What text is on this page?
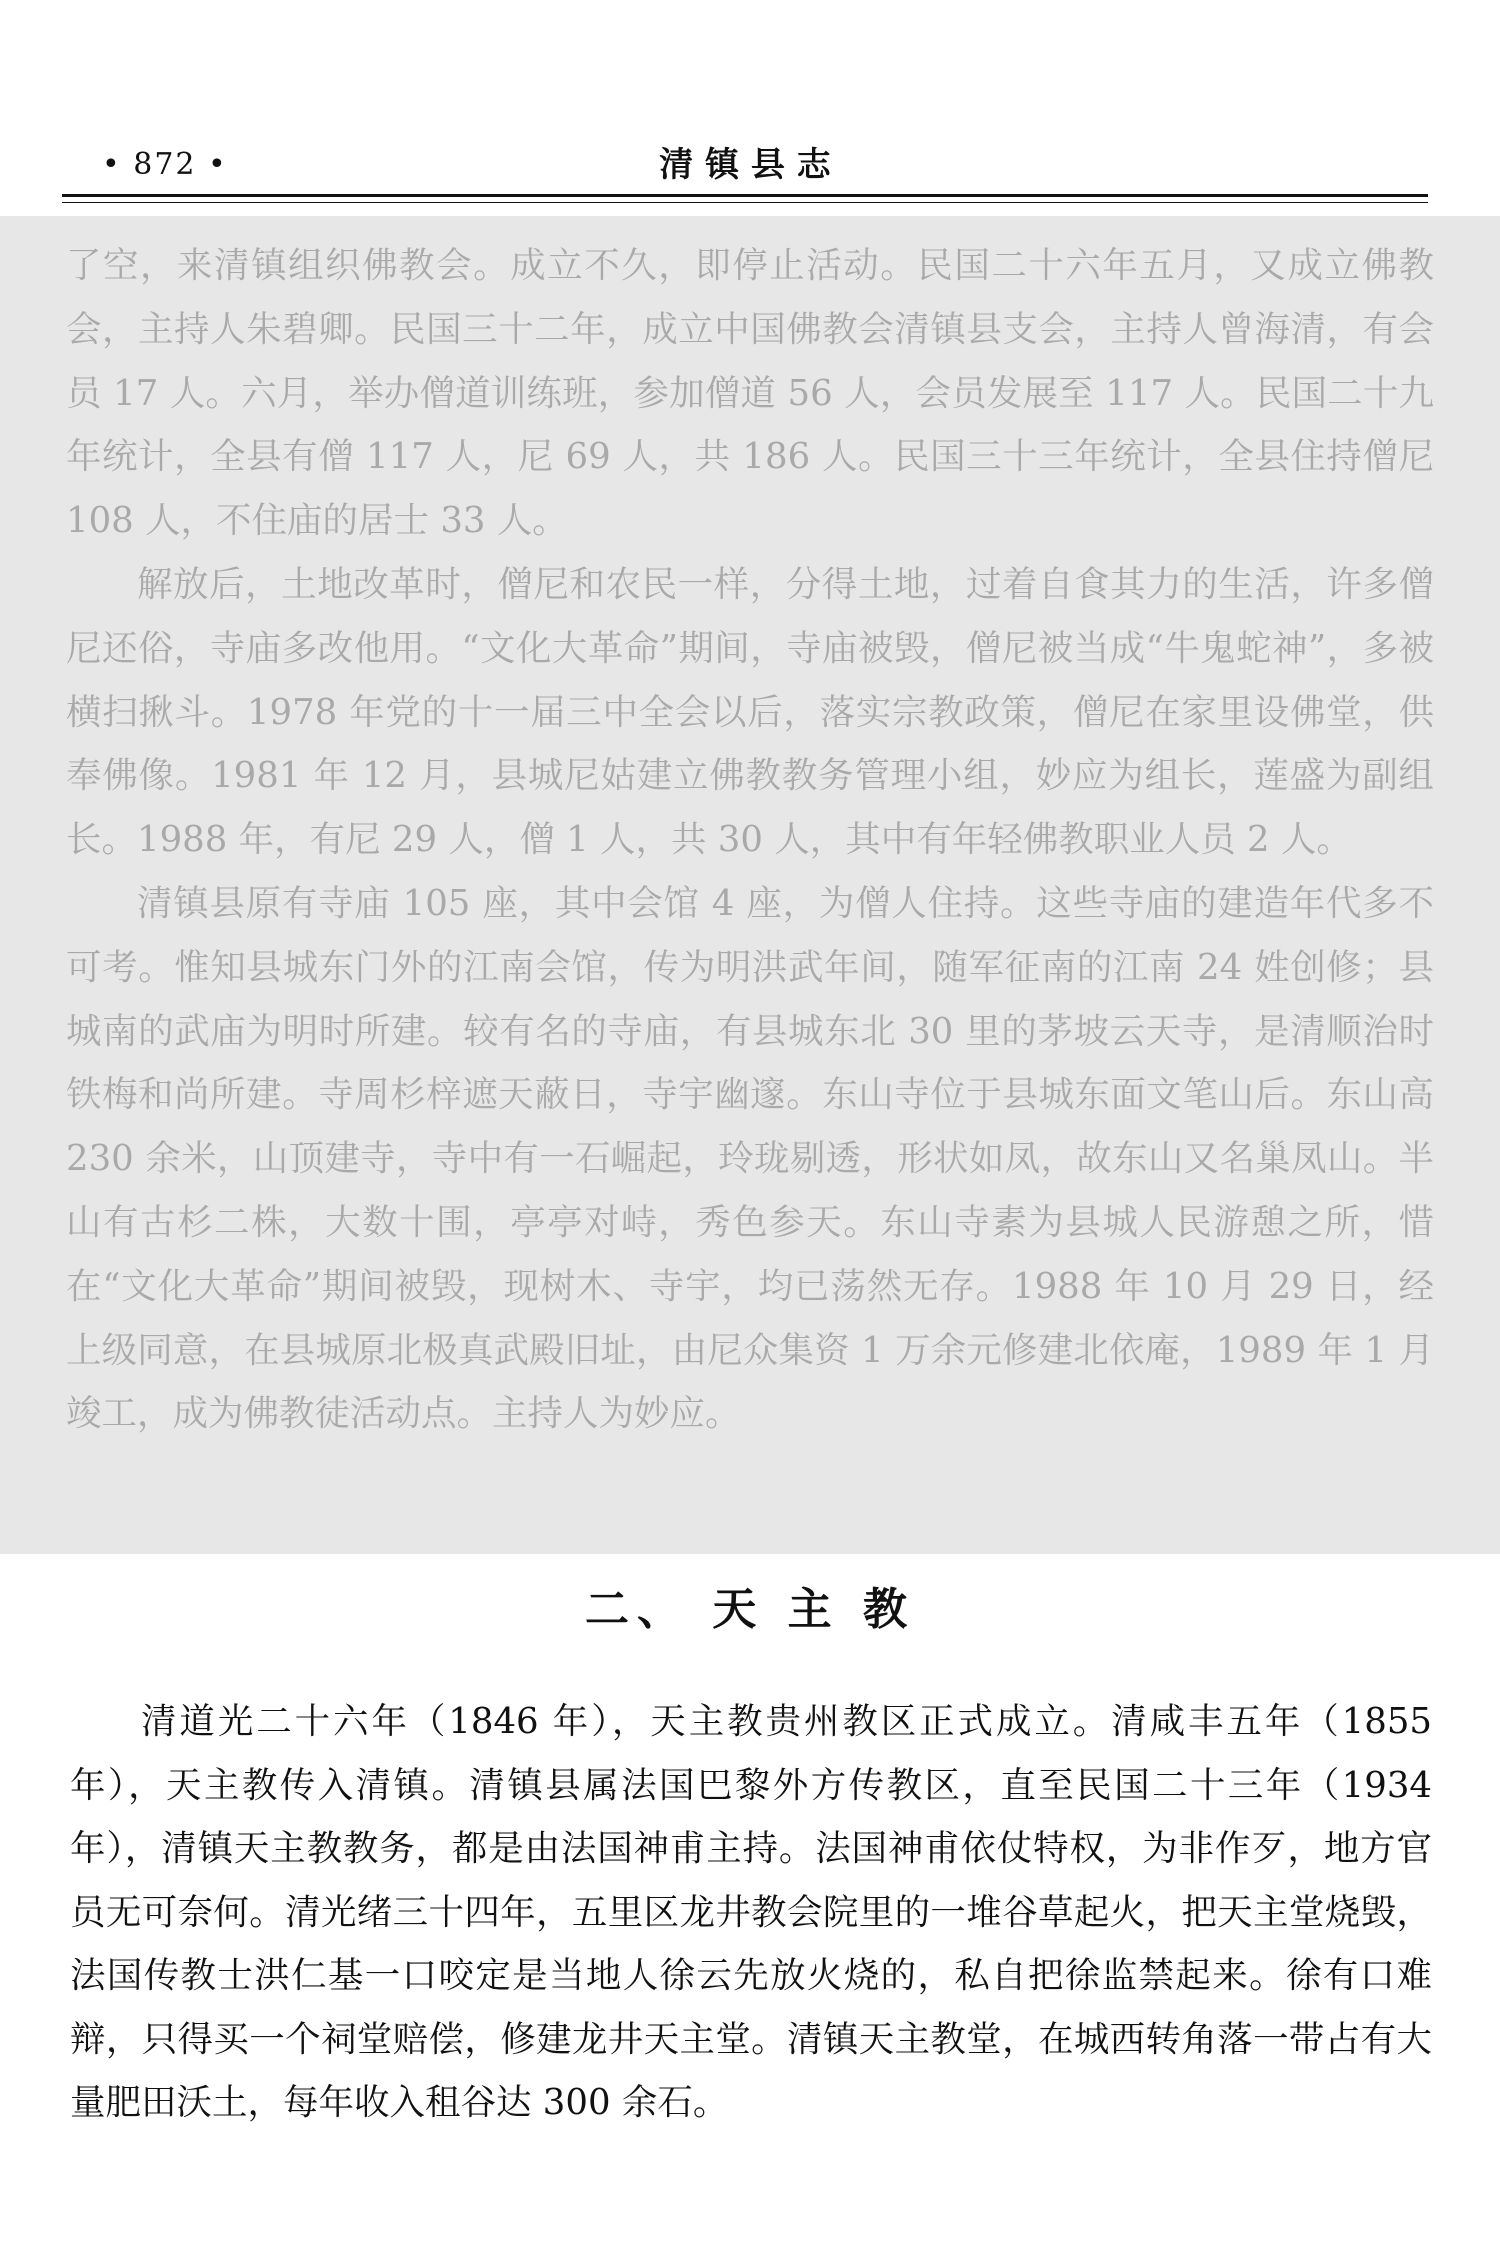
• 872 •	清 镇 县 志

了空，来清镇组织佛教会。成立不久，即停止活动。民国二十六年五月，又成立佛教会，主持人朱碧卿。民国三十二年，成立中国佛教会清镇县支会，主持人曾海清，有会员 17 人。六月，举办僧道训练班，参加僧道 56 人，会员发展至 117 人。民国二十九年统计，全县有僧 117 人，尼 69 人，共 186 人。民国三十三年统计，全县住持僧尼 108 人，不住庙的居士 33 人。

解放后，土地改革时，僧尼和农民一样，分得土地，过着自食其力的生活，许多僧尼还俗，寺庙多改他用。“文化大革命”期间，寺庙被毁，僧尼被当成“牛鬼蛇神”，多被横扫揪斗。1978 年党的十一届三中全会以后，落实宗教政策，僧尼在家里设佛堂，供奉佛像。1981 年 12 月，县城尼姑建立佛教教务管理小组，妙应为组长，莲盛为副组长。1988 年，有尼 29 人，僧 1 人，共 30 人，其中有年轻佛教职业人员 2 人。

清镇县原有寺庙 105 座，其中会馆 4 座，为僧人住持。这些寺庙的建造年代多不可考。惟知县城东门外的江南会馆，传为明洪武年间，随军征南的江南 24 姓创修；县城南的武庙为明时所建。较有名的寺庙，有县城东北 30 里的茅坡云天寺，是清顺治时铁梅和尚所建。寺周杉梓遮天蔽日，寺宇幽邃。东山寺位于县城东面文笔山后。东山高 230 余米，山顶建寺，寺中有一石崛起，玲珑剔透，形状如凤，故东山又名巢凤山。半山有古杉二株，大数十围，亭亭对峙，秀色参天。东山寺素为县城人民游憩之所，惜在“文化大革命”期间被毁，现树木、寺宇，均已荡然无存。1988 年 10 月 29 日，经上级同意，在县城原北极真武殿旧址，由尼众集资 1 万余元修建北依庵，1989 年 1 月竣工，成为佛教徒活动点。主持人为妙应。

二、 天 主 教

清道光二十六年（1846 年），天主教贵州教区正式成立。清咸丰五年（1855 年），天主教传入清镇。清镇县属法国巴黎外方传教区，直至民国二十三年（1934 年），清镇天主教教务，都是由法国神甫主持。法国神甫依仗特权，为非作歹，地方官员无可奈何。清光绪三十四年，五里区龙井教会院里的一堆谷草起火，把天主堂烧毁，法国传教士洪仁基一口咬定是当地人徐云先放火烧的，私自把徐监禁起来。徐有口难辩，只得买一个祠堂赔偿，修建龙井天主堂。清镇天主教堂，在城西转角落一带占有大量肥田沃土，每年收入租谷达 300 余石。
